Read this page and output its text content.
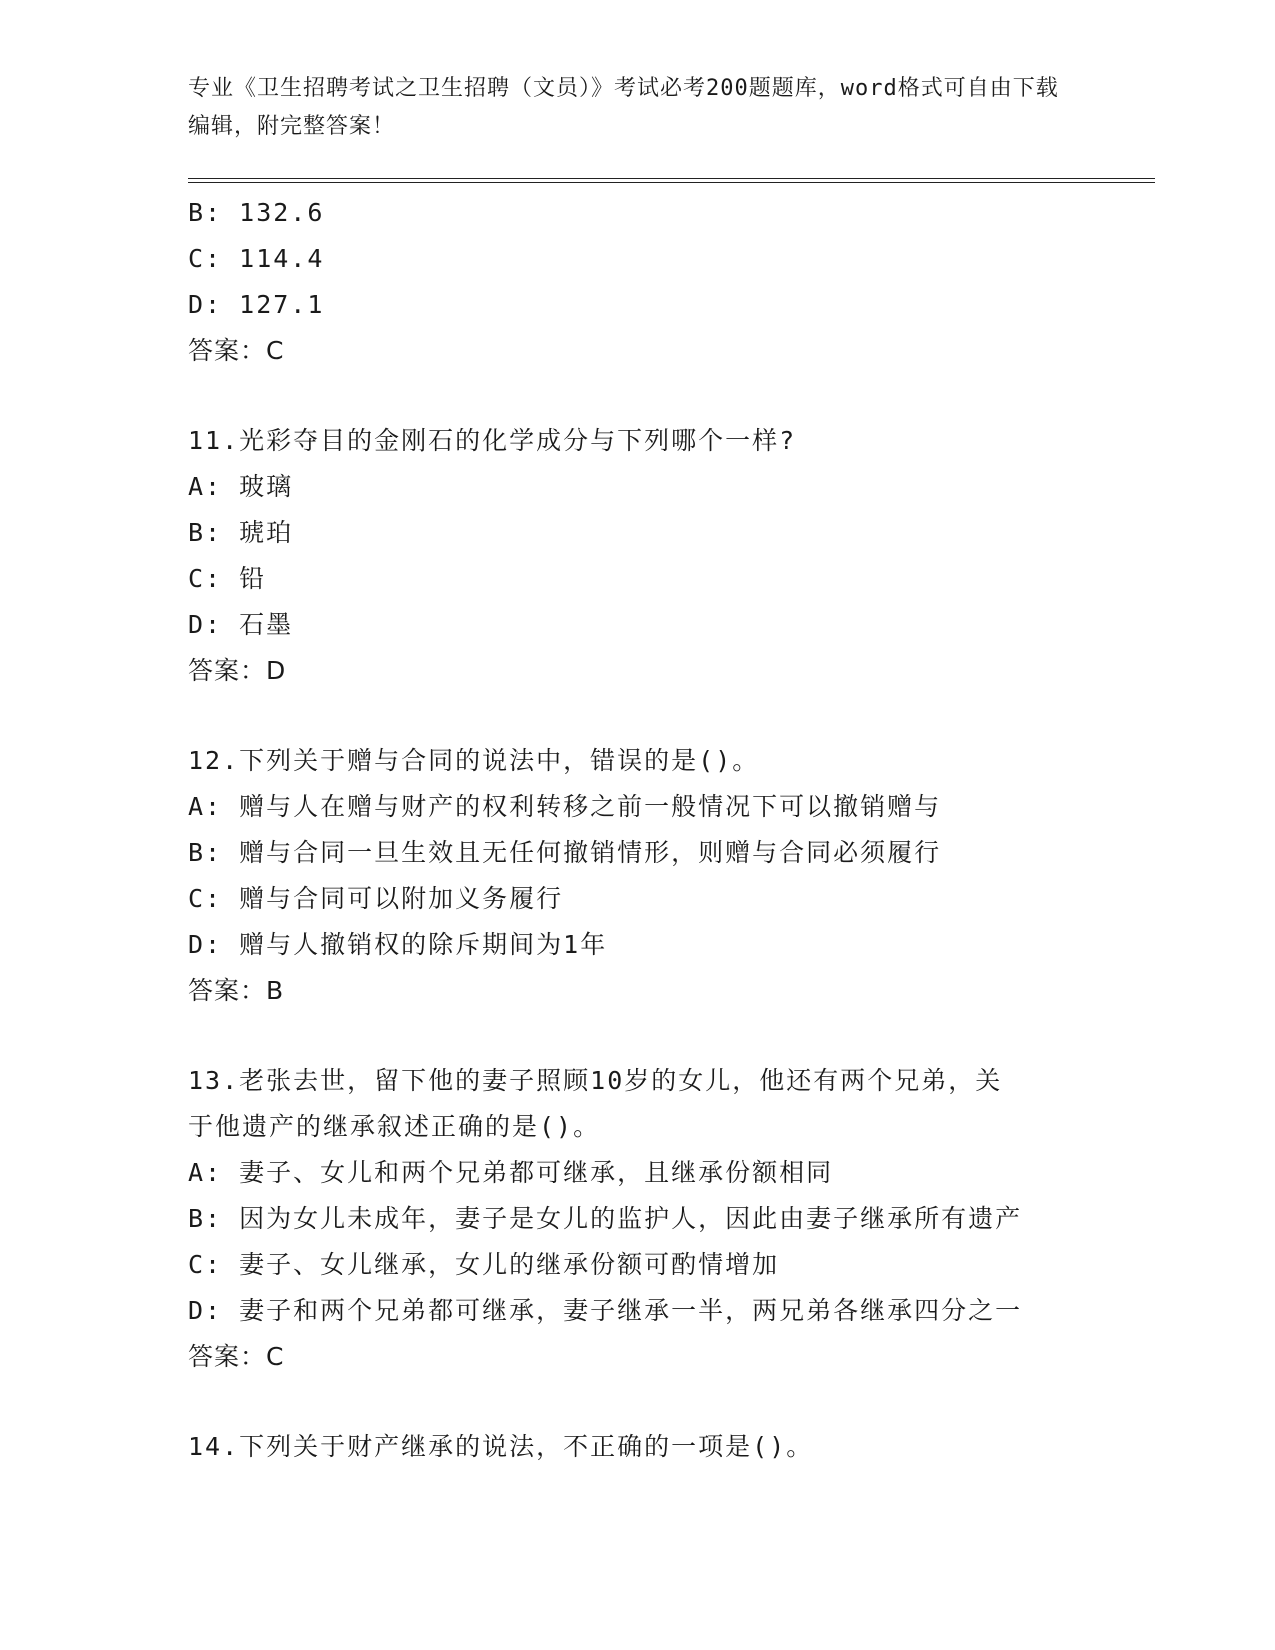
专业《卫生招聘考试之卫生招聘（文员）》考试必考200题题库，word格式可自由下载编辑，附完整答案！
B: 132.6
C: 114.4
D: 127.1
答案：C
11.光彩夺目的金刚石的化学成分与下列哪个一样?
A: 玻璃
B: 琥珀
C: 铅
D: 石墨
答案：D
12.下列关于赠与合同的说法中，错误的是()。
A: 赠与人在赠与财产的权利转移之前一般情况下可以撤销赠与
B: 赠与合同一旦生效且无任何撤销情形，则赠与合同必须履行
C: 赠与合同可以附加义务履行
D: 赠与人撤销权的除斥期间为1年
答案：B
13.老张去世，留下他的妻子照顾10岁的女儿，他还有两个兄弟，关
于他遗产的继承叙述正确的是()。
A: 妻子、女儿和两个兄弟都可继承，且继承份额相同
B: 因为女儿未成年，妻子是女儿的监护人，因此由妻子继承所有遗产
C: 妻子、女儿继承，女儿的继承份额可酌情增加
D: 妻子和两个兄弟都可继承，妻子继承一半，两兄弟各继承四分之一
答案：C
14.下列关于财产继承的说法，不正确的一项是()。
